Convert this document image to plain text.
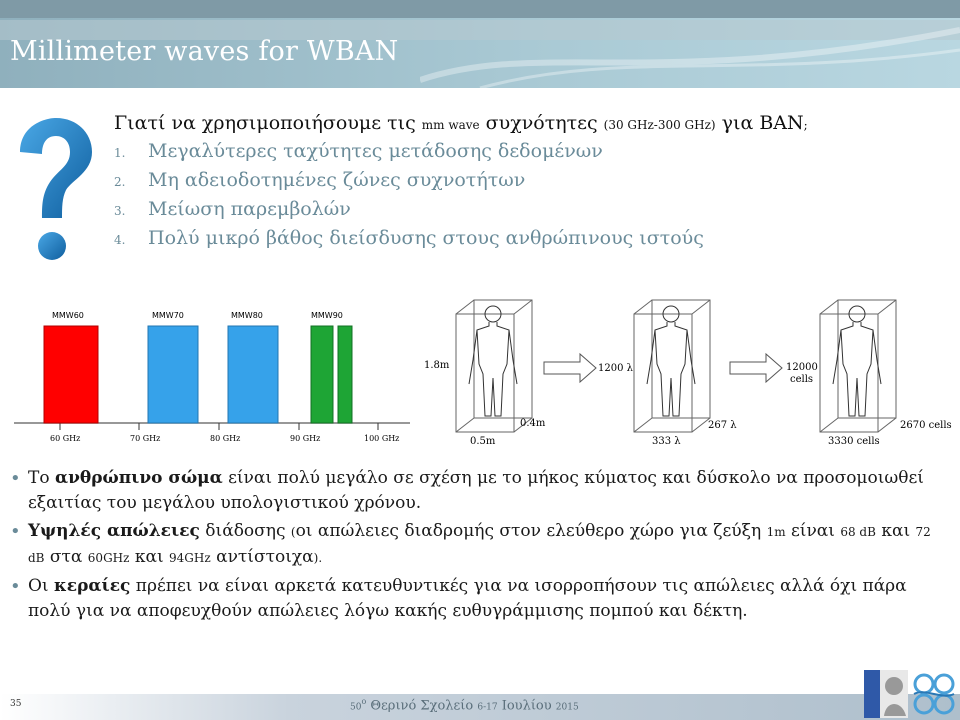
Millimeter waves for WBAN
Γιατί να χρησιμοποιήσουμε τις mm wave συχνότητες (30 GHz-300 GHz) για ΒΑΝ;
1.	Μεγαλύτερες ταχύτητες μετάδοσης δεδομένων
2.	Μη αδειοδοτημένες ζώνες συχνοτήτων
3.	Μείωση παρεμβολών
4.	Πολύ μικρό βάθος διείσδυσης στους ανθρώπινους ιστούς
MMW60	MMW70	MMW80	MMW90
60 GHz	70 GHz	80 GHz	90 GHz	100 GHz
1.8m
0.4m
0.5m
1200 λ
267 λ
333 λ
12000
cells
2670 cells
3330 cells
• Το ανθρώπινο σώμα είναι πολύ μεγάλο σε σχέση με το μήκος κύματος και δύσκολο να προσομοιωθεί εξαιτίας του μεγάλου υπολογιστικού χρόνου.
• Υψηλές απώλειες διάδοσης (οι απώλειες διαδρομής στον ελεύθερο χώρο για ζεύξη 1m είναι 68 dB και 72 dB στα 60GHz και 94GHz αντίστοιχα).
• Οι κεραίες πρέπει να είναι αρκετά κατευθυντικές για να ισορροπήσουν τις απώλειες αλλά όχι πάρα πολύ για να αποφευχθούν απώλειες λόγω κακής ευθυγράμμισης πομπού και δέκτη.
35	$50^o$ Θερινό Σχολείο 6-17 Ιουλίου 2015
